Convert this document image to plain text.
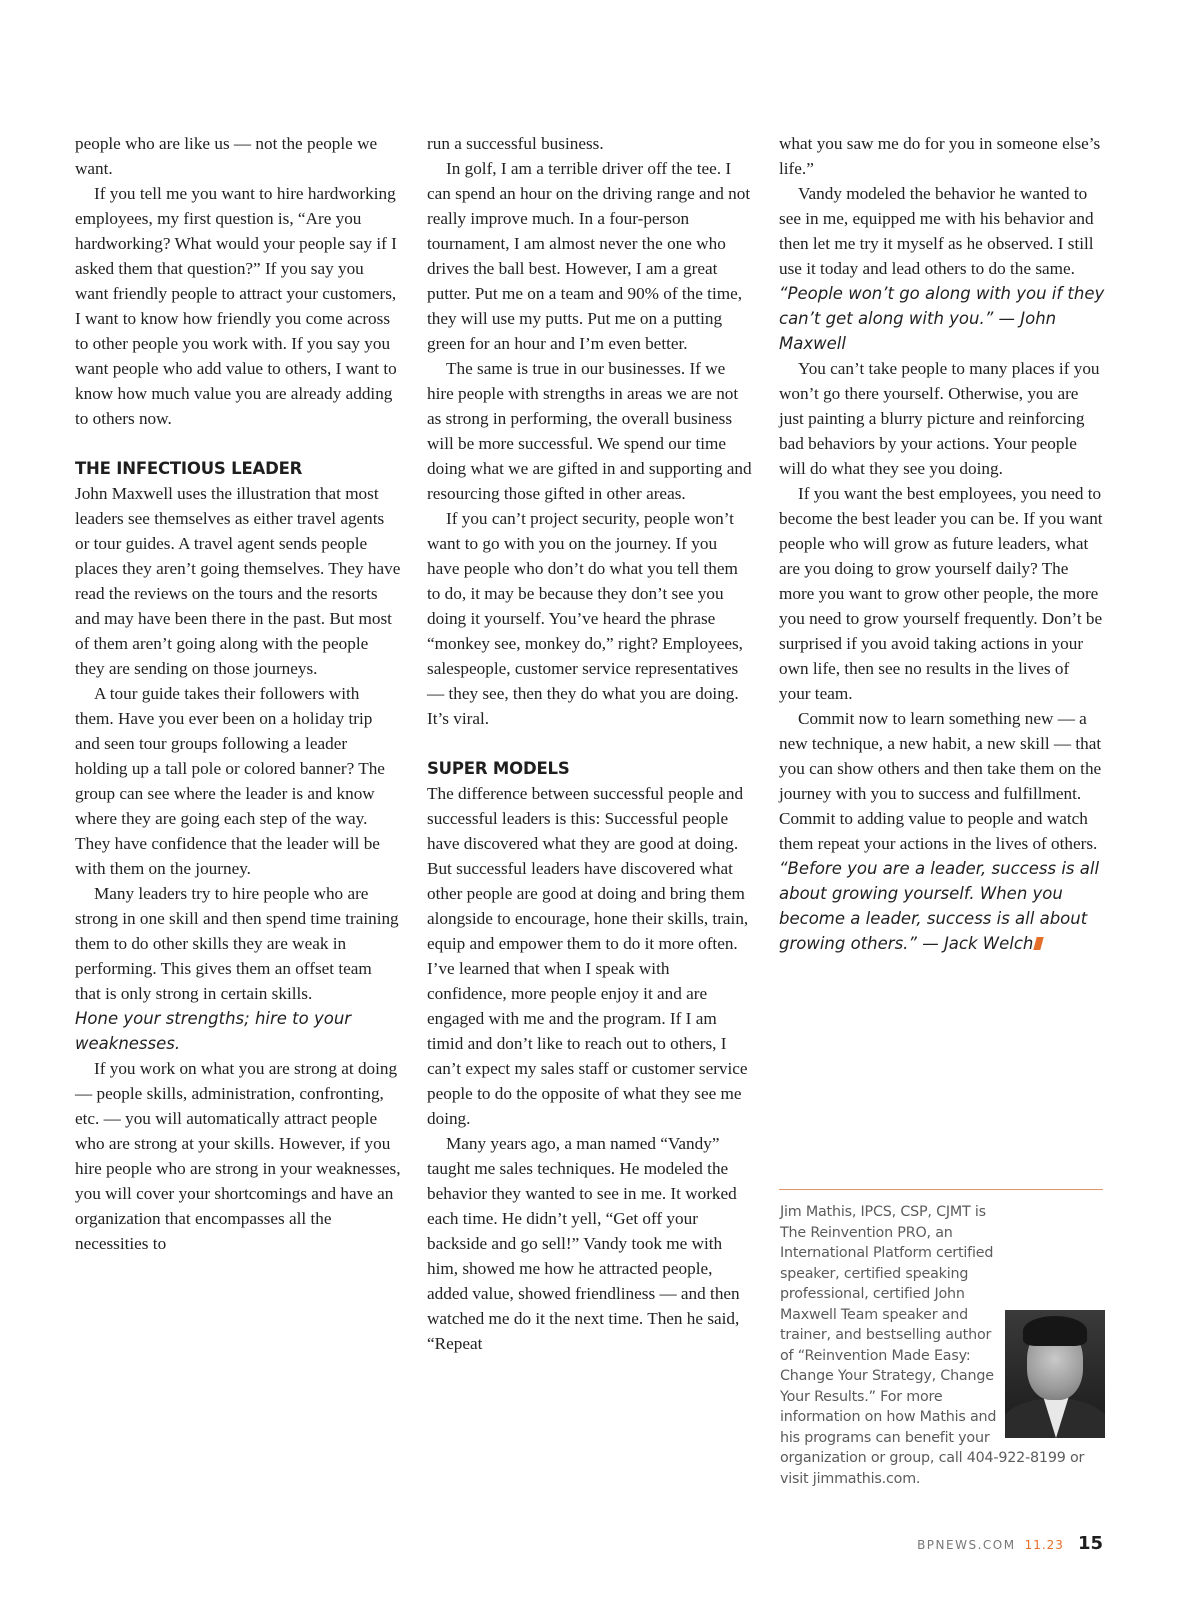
people who are like us — not the people we want.

If you tell me you want to hire hardworking employees, my first question is, “Are you hardworking? What would your people say if I asked them that question?” If you say you want friendly people to attract your customers, I want to know how friendly you come across to other people you work with. If you say you want people who add value to others, I want to know how much value you are already adding to others now.

THE INFECTIOUS LEADER

John Maxwell uses the illustration that most leaders see themselves as either travel agents or tour guides. A travel agent sends people places they aren’t going themselves. They have read the reviews on the tours and the resorts and may have been there in the past. But most of them aren’t going along with the people they are sending on those journeys.

A tour guide takes their followers with them. Have you ever been on a holiday trip and seen tour groups following a leader holding up a tall pole or colored banner? The group can see where the leader is and know where they are going each step of the way. They have confidence that the leader will be with them on the journey.

Many leaders try to hire people who are strong in one skill and then spend time training them to do other skills they are weak in performing. This gives them an offset team that is only strong in certain skills.

Hone your strengths; hire to your weaknesses.

If you work on what you are strong at doing — people skills, administration, confronting, etc. — you will automatically attract people who are strong at your skills. However, if you hire people who are strong in your weaknesses, you will cover your shortcomings and have an organization that encompasses all the necessities to

run a successful business.

In golf, I am a terrible driver off the tee. I can spend an hour on the driving range and not really improve much. In a four-person tournament, I am almost never the one who drives the ball best. However, I am a great putter. Put me on a team and 90% of the time, they will use my putts. Put me on a putting green for an hour and I’m even better.

The same is true in our businesses. If we hire people with strengths in areas we are not as strong in performing, the overall business will be more successful. We spend our time doing what we are gifted in and supporting and resourcing those gifted in other areas.

If you can’t project security, people won’t want to go with you on the journey. If you have people who don’t do what you tell them to do, it may be because they don’t see you doing it yourself. You’ve heard the phrase “monkey see, monkey do,” right? Employees, salespeople, customer service representatives — they see, then they do what you are doing. It’s viral.

SUPER MODELS

The difference between successful people and successful leaders is this: Successful people have discovered what they are good at doing. But successful leaders have discovered what other people are good at doing and bring them alongside to encourage, hone their skills, train, equip and empower them to do it more often. I’ve learned that when I speak with confidence, more people enjoy it and are engaged with me and the program. If I am timid and don’t like to reach out to others, I can’t expect my sales staff or customer service people to do the opposite of what they see me doing.

Many years ago, a man named “Vandy” taught me sales techniques. He modeled the behavior they wanted to see in me. It worked each time. He didn’t yell, “Get off your backside and go sell!” Vandy took me with him, showed me how he attracted people, added value, showed friendliness — and then watched me do it the next time. Then he said, “Repeat

what you saw me do for you in someone else’s life.”

Vandy modeled the behavior he wanted to see in me, equipped me with his behavior and then let me try it myself as he observed. I still use it today and lead others to do the same.

“People won’t go along with you if they can’t get along with you.” — John Maxwell

You can’t take people to many places if you won’t go there yourself. Otherwise, you are just painting a blurry picture and reinforcing bad behaviors by your actions. Your people will do what they see you doing.

If you want the best employees, you need to become the best leader you can be. If you want people who will grow as future leaders, what are you doing to grow yourself daily? The more you want to grow other people, the more you need to grow yourself frequently. Don’t be surprised if you avoid taking actions in your own life, then see no results in the lives of your team.

Commit now to learn something new — a new technique, a new habit, a new skill — that you can show others and then take them on the journey with you to success and fulfillment. Commit to adding value to people and watch them repeat your actions in the lives of others.

“Before you are a leader, success is all about growing yourself. When you become a leader, success is all about growing others.” — Jack Welch

Jim Mathis, IPCS, CSP, CJMT is The Reinvention PRO, an International Platform certified speaker, certified speaking professional, certified John Maxwell Team speaker and trainer, and bestselling author of “Reinvention Made Easy: Change Your Strategy, Change Your Results.” For more information on how Mathis and his programs can benefit your organization or group, call 404-922-8199 or visit jimmathis.com.
BPNEWS.COM 11.23 15
